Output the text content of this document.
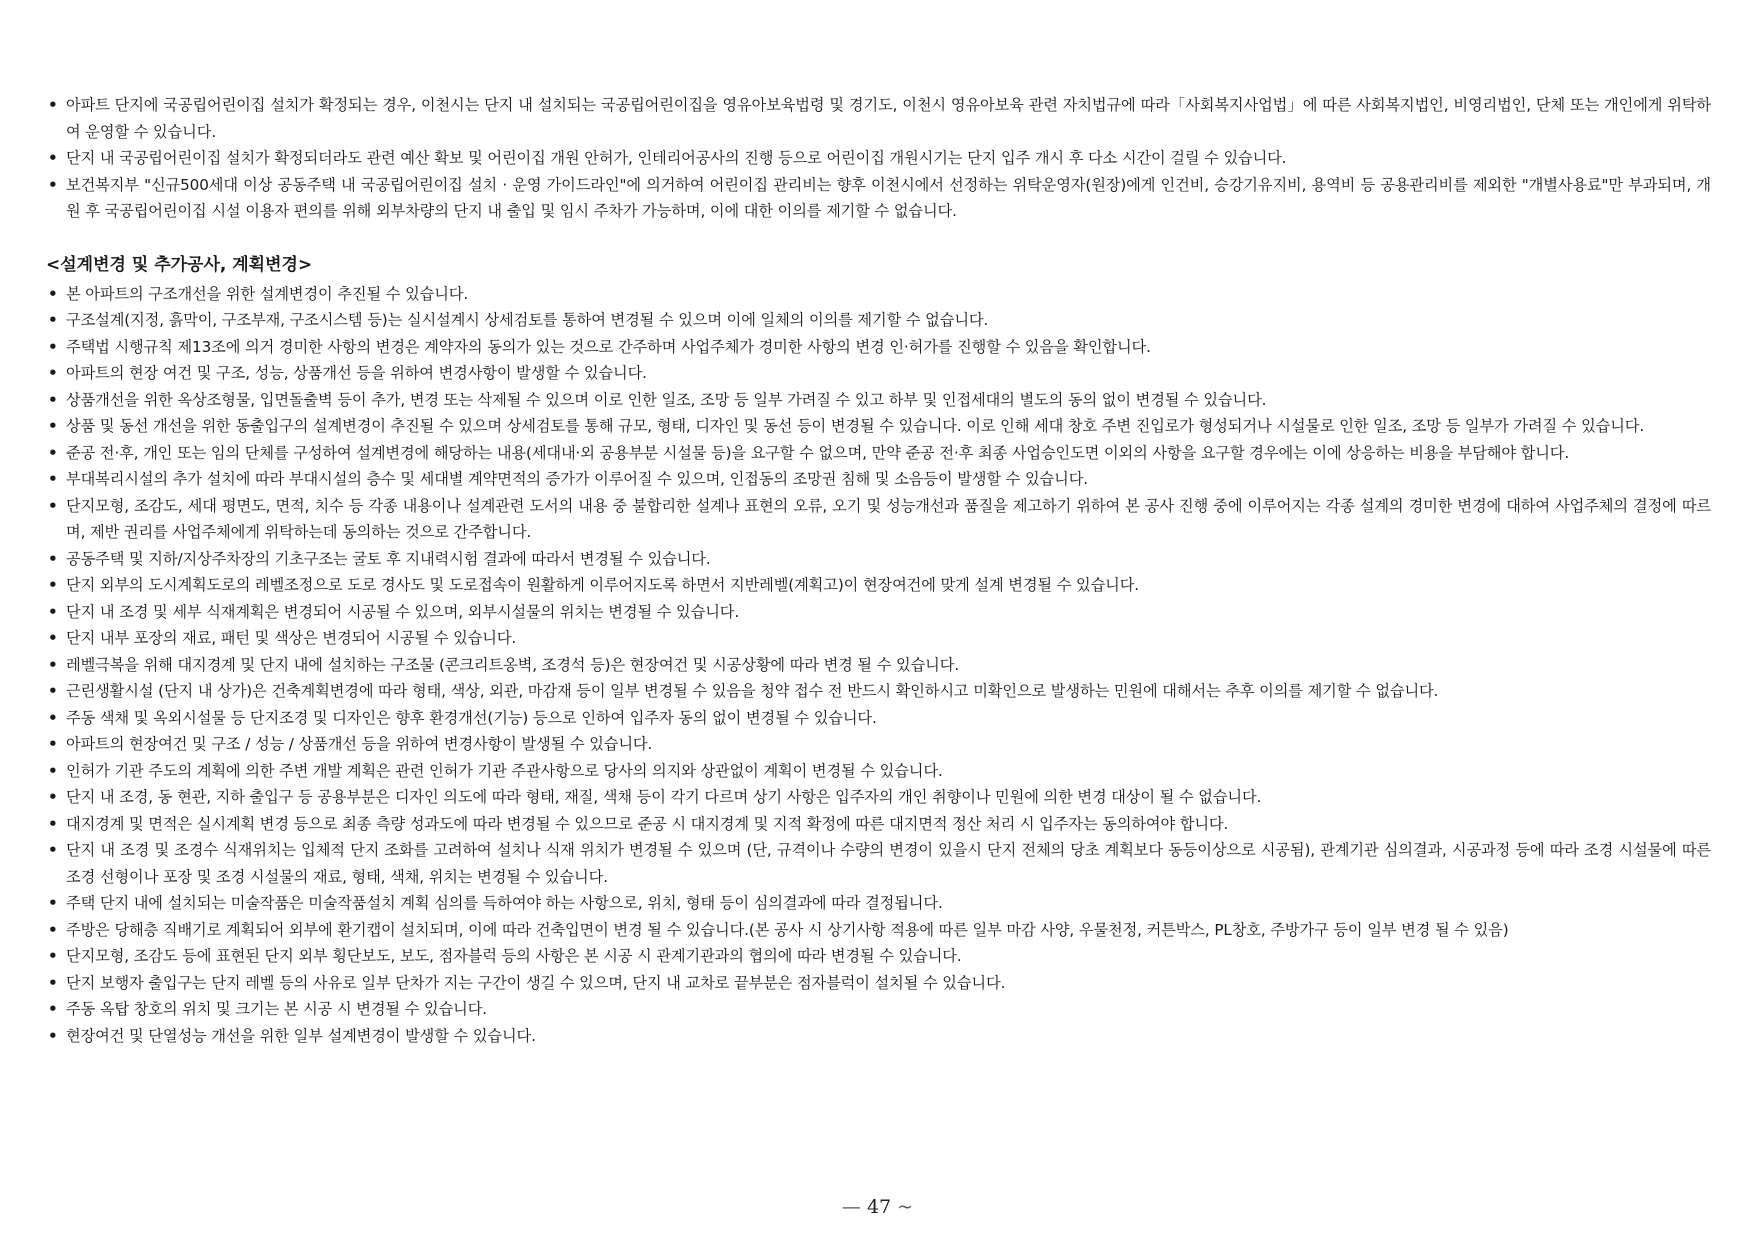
• 아파트 단지에 국공립어린이집 설치가 확정되는 경우, 이천시는 단지 내 설치되는 국공립어린이집을 영유아보육법령 및 경기도, 이천시 영유아보육 관련 자치법규에 따라「사회복지사업법」에 따른 사회복지법인, 비영리법인, 단체 또는 개인에게 위탁하여 운영할 수 있습니다.
• 단지 내 국공립어린이집 설치가 확정되더라도 관련 예산 확보 및 어린이집 개원 안허가, 인테리어공사의 진행 등으로 어린이집 개원시기는 단지 입주 개시 후 다소 시간이 걸릴 수 있습니다.
• 보건복지부 "신규500세대 이상 공동주택 내 국공립어린이집 설치 · 운영 가이드라인"에 의거하여 어린이집 관리비는 향후 이천시에서 선정하는 위탁운영자(원장)에게 인건비, 승강기유지비, 용역비 등 공용관리비를 제외한 "개별사용료"만 부과되며, 개원 후 국공립어린이집 시설 이용자 편의를 위해 외부차량의 단지 내 출입 및 임시 주차가 가능하며, 이에 대한 이의를 제기할 수 없습니다.
<설계변경 및 추가공사, 계획변경>
• 본 아파트의 구조개선을 위한 설계변경이 추진될 수 있습니다.
• 구조설계(지정, 흙막이, 구조부재, 구조시스템 등)는 실시설계시 상세검토를 통하여 변경될 수 있으며 이에 일체의 이의를 제기할 수 없습니다.
• 주택법 시행규칙 제13조에 의거 경미한 사항의 변경은 계약자의 동의가 있는 것으로 간주하며 사업주체가 경미한 사항의 변경 인·허가를 진행할 수 있음을 확인합니다.
• 아파트의 현장 여건 및 구조, 성능, 상품개선 등을 위하여 변경사항이 발생할 수 있습니다.
• 상품개선을 위한 옥상조형물, 입면돌출벽 등이 추가, 변경 또는 삭제될 수 있으며 이로 인한 일조, 조망 등 일부 가려질 수 있고 하부 및 인접세대의 별도의 동의 없이 변경될 수 있습니다.
• 상품 및 동선 개선을 위한 동출입구의 설계변경이 추진될 수 있으며 상세검토를 통해 규모, 형태, 디자인 및 동선 등이 변경될 수 있습니다. 이로 인해 세대 창호 주변 진입로가 형성되거나 시설물로 인한 일조, 조망 등 일부가 가려질 수 있습니다.
• 준공 전·후, 개인 또는 임의 단체를 구성하여 설계변경에 해당하는 내용(세대내·외 공용부분 시설물 등)을 요구할 수 없으며, 만약 준공 전·후 최종 사업승인도면 이외의 사항을 요구할 경우에는 이에 상응하는 비용을 부담해야 합니다.
• 부대복리시설의 추가 설치에 따라 부대시설의 층수 및 세대별 계약면적의 증가가 이루어질 수 있으며, 인접동의 조망권 침해 및 소음등이 발생할 수 있습니다.
• 단지모형, 조감도, 세대 평면도, 면적, 치수 등 각종 내용이나 설계관련 도서의 내용 중 불합리한 설계나 표현의 오류, 오기 및 성능개선과 품질을 제고하기 위하여 본 공사 진행 중에 이루어지는 각종 설계의 경미한 변경에 대하여 사업주체의 결정에 따르며, 제반 권리를 사업주체에게 위탁하는데 동의하는 것으로 간주합니다.
• 공동주택 및 지하/지상주차장의 기초구조는 굴토 후 지내력시험 결과에 따라서 변경될 수 있습니다.
• 단지 외부의 도시계획도로의 레벨조정으로 도로 경사도 및 도로접속이 원활하게 이루어지도록 하면서 지반레벨(계획고)이 현장여건에 맞게 설계 변경될 수 있습니다.
• 단지 내 조경 및 세부 식재계획은 변경되어 시공될 수 있으며, 외부시설물의 위치는 변경될 수 있습니다.
• 단지 내부 포장의 재료, 패턴 및 색상은 변경되어 시공될 수 있습니다.
• 레벨극복을 위해 대지경계 및 단지 내에 설치하는 구조물 (콘크리트옹벽, 조경석 등)은 현장여건 및 시공상황에 따라 변경 될 수 있습니다.
• 근린생활시설 (단지 내 상가)은 건축계획변경에 따라 형태, 색상, 외관, 마감재 등이 일부 변경될 수 있음을 청약 접수 전 반드시 확인하시고 미확인으로 발생하는 민원에 대해서는 추후 이의를 제기할 수 없습니다.
• 주동 색채 및 옥외시설물 등 단지조경 및 디자인은 향후 환경개선(기능) 등으로 인하여 입주자 동의 없이 변경될 수 있습니다.
• 아파트의 현장여건 및 구조 / 성능 / 상품개선 등을 위하여 변경사항이 발생될 수 있습니다.
• 인허가 기관 주도의 계획에 의한 주변 개발 계획은 관련 인허가 기관 주관사항으로 당사의 의지와 상관없이 계획이 변경될 수 있습니다.
• 단지 내 조경, 동 현관, 지하 출입구 등 공용부분은 디자인 의도에 따라 형태, 재질, 색채 등이 각기 다르며 상기 사항은 입주자의 개인 취향이나 민원에 의한 변경 대상이 될 수 없습니다.
• 대지경계 및 면적은 실시계획 변경 등으로 최종 측량 성과도에 따라 변경될 수 있으므로 준공 시 대지경계 및 지적 확정에 따른 대지면적 정산 처리 시 입주자는 동의하여야 합니다.
• 단지 내 조경 및 조경수 식재위치는 입체적 단지 조화를 고려하여 설치나 식재 위치가 변경될 수 있으며 (단, 규격이나 수량의 변경이 있을시 단지 전체의 당초 계획보다 동등이상으로 시공됨), 관계기관 심의결과, 시공과정 등에 따라 조경 시설물에 따른 조경 선형이나 포장 및 조경 시설물의 재료, 형태, 색채, 위치는 변경될 수 있습니다.
• 주택 단지 내에 설치되는 미술작품은 미술작품설치 계획 심의를 득하여야 하는 사항으로, 위치, 형태 등이 심의결과에 따라 결정됩니다.
• 주방은 당해층 직배기로 계획되어 외부에 환기캡이 설치되며, 이에 따라 건축입면이 변경 될 수 있습니다.(본 공사 시 상기사항 적용에 따른 일부 마감 사양, 우물천정, 커튼박스, PL창호, 주방가구 등이 일부 변경 될 수 있음)
• 단지모형, 조감도 등에 표현된 단지 외부 횡단보도, 보도, 점자블럭 등의 사항은 본 시공 시 관계기관과의 협의에 따라 변경될 수 있습니다.
• 단지 보행자 출입구는 단지 레벨 등의 사유로 일부 단차가 지는 구간이 생길 수 있으며, 단지 내 교차로 끝부분은 점자블럭이 설치될 수 있습니다.
• 주동 옥탑 창호의 위치 및 크기는 본 시공 시 변경될 수 있습니다.
• 현장여건 및 단열성능 개선을 위한 일부 설계변경이 발생할 수 있습니다.
— 47 ~
